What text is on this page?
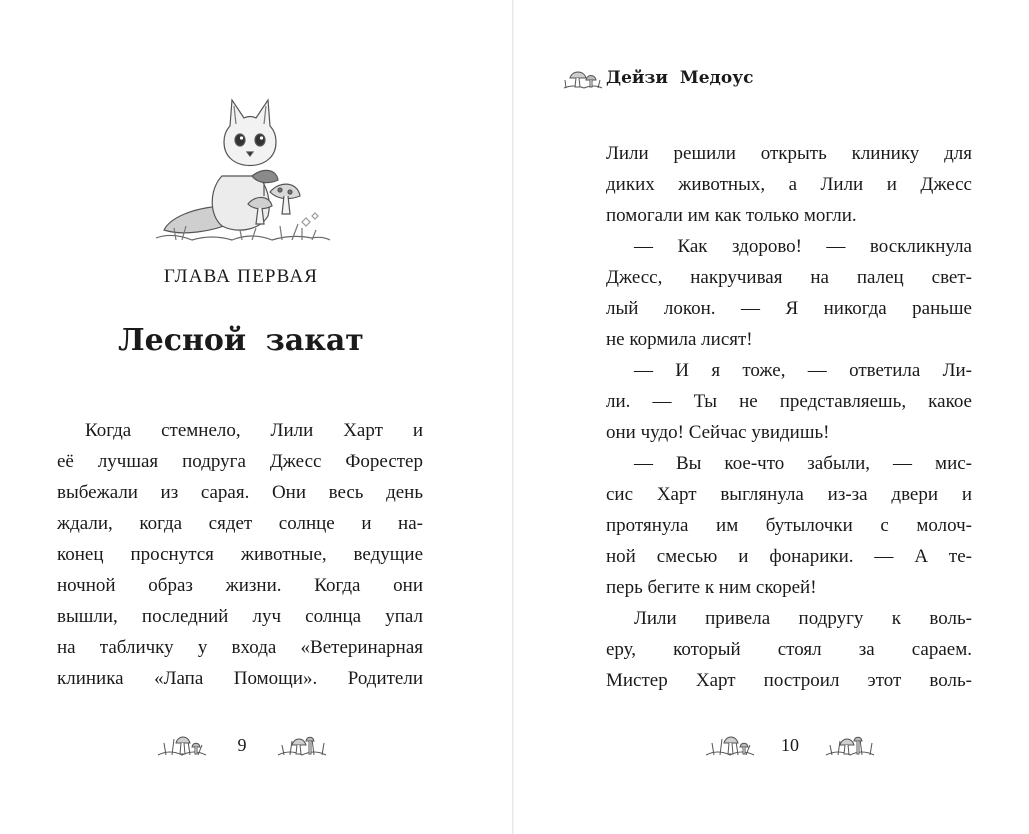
ГЛАВА ПЕРВАЯ
Лесной закат
Когда стемнело, Лили Харт и
её лучшая подруга Джесс Форестер
выбежали из сарая. Они весь день
ждали, когда сядет солнце и на-
конец проснутся животные, ведущие
ночной образ жизни. Когда они
вышли, последний луч солнца упал
на табличку у входа «Ветеринарная
клиника «Лапа Помощи». Родители
9
Дейзи Медоус
Лили решили открыть клинику для
диких животных, а Лили и Джесс
помогали им как только могли.
— Как здорово! — воскликнула
Джесс, накручивая на палец свет-
лый локон. — Я никогда раньше
не кормила лисят!
— И я тоже, — ответила Ли-
ли. — Ты не представляешь, какое
они чудо! Сейчас увидишь!
— Вы кое-что забыли, — мис-
сис Харт выглянула из-за двери и
протянула им бутылочки с молоч-
ной смесью и фонарики. — А те-
перь бегите к ним скорей!
Лили привела подругу к воль-
еру, который стоял за сараем.
Мистер Харт построил этот воль-
10
